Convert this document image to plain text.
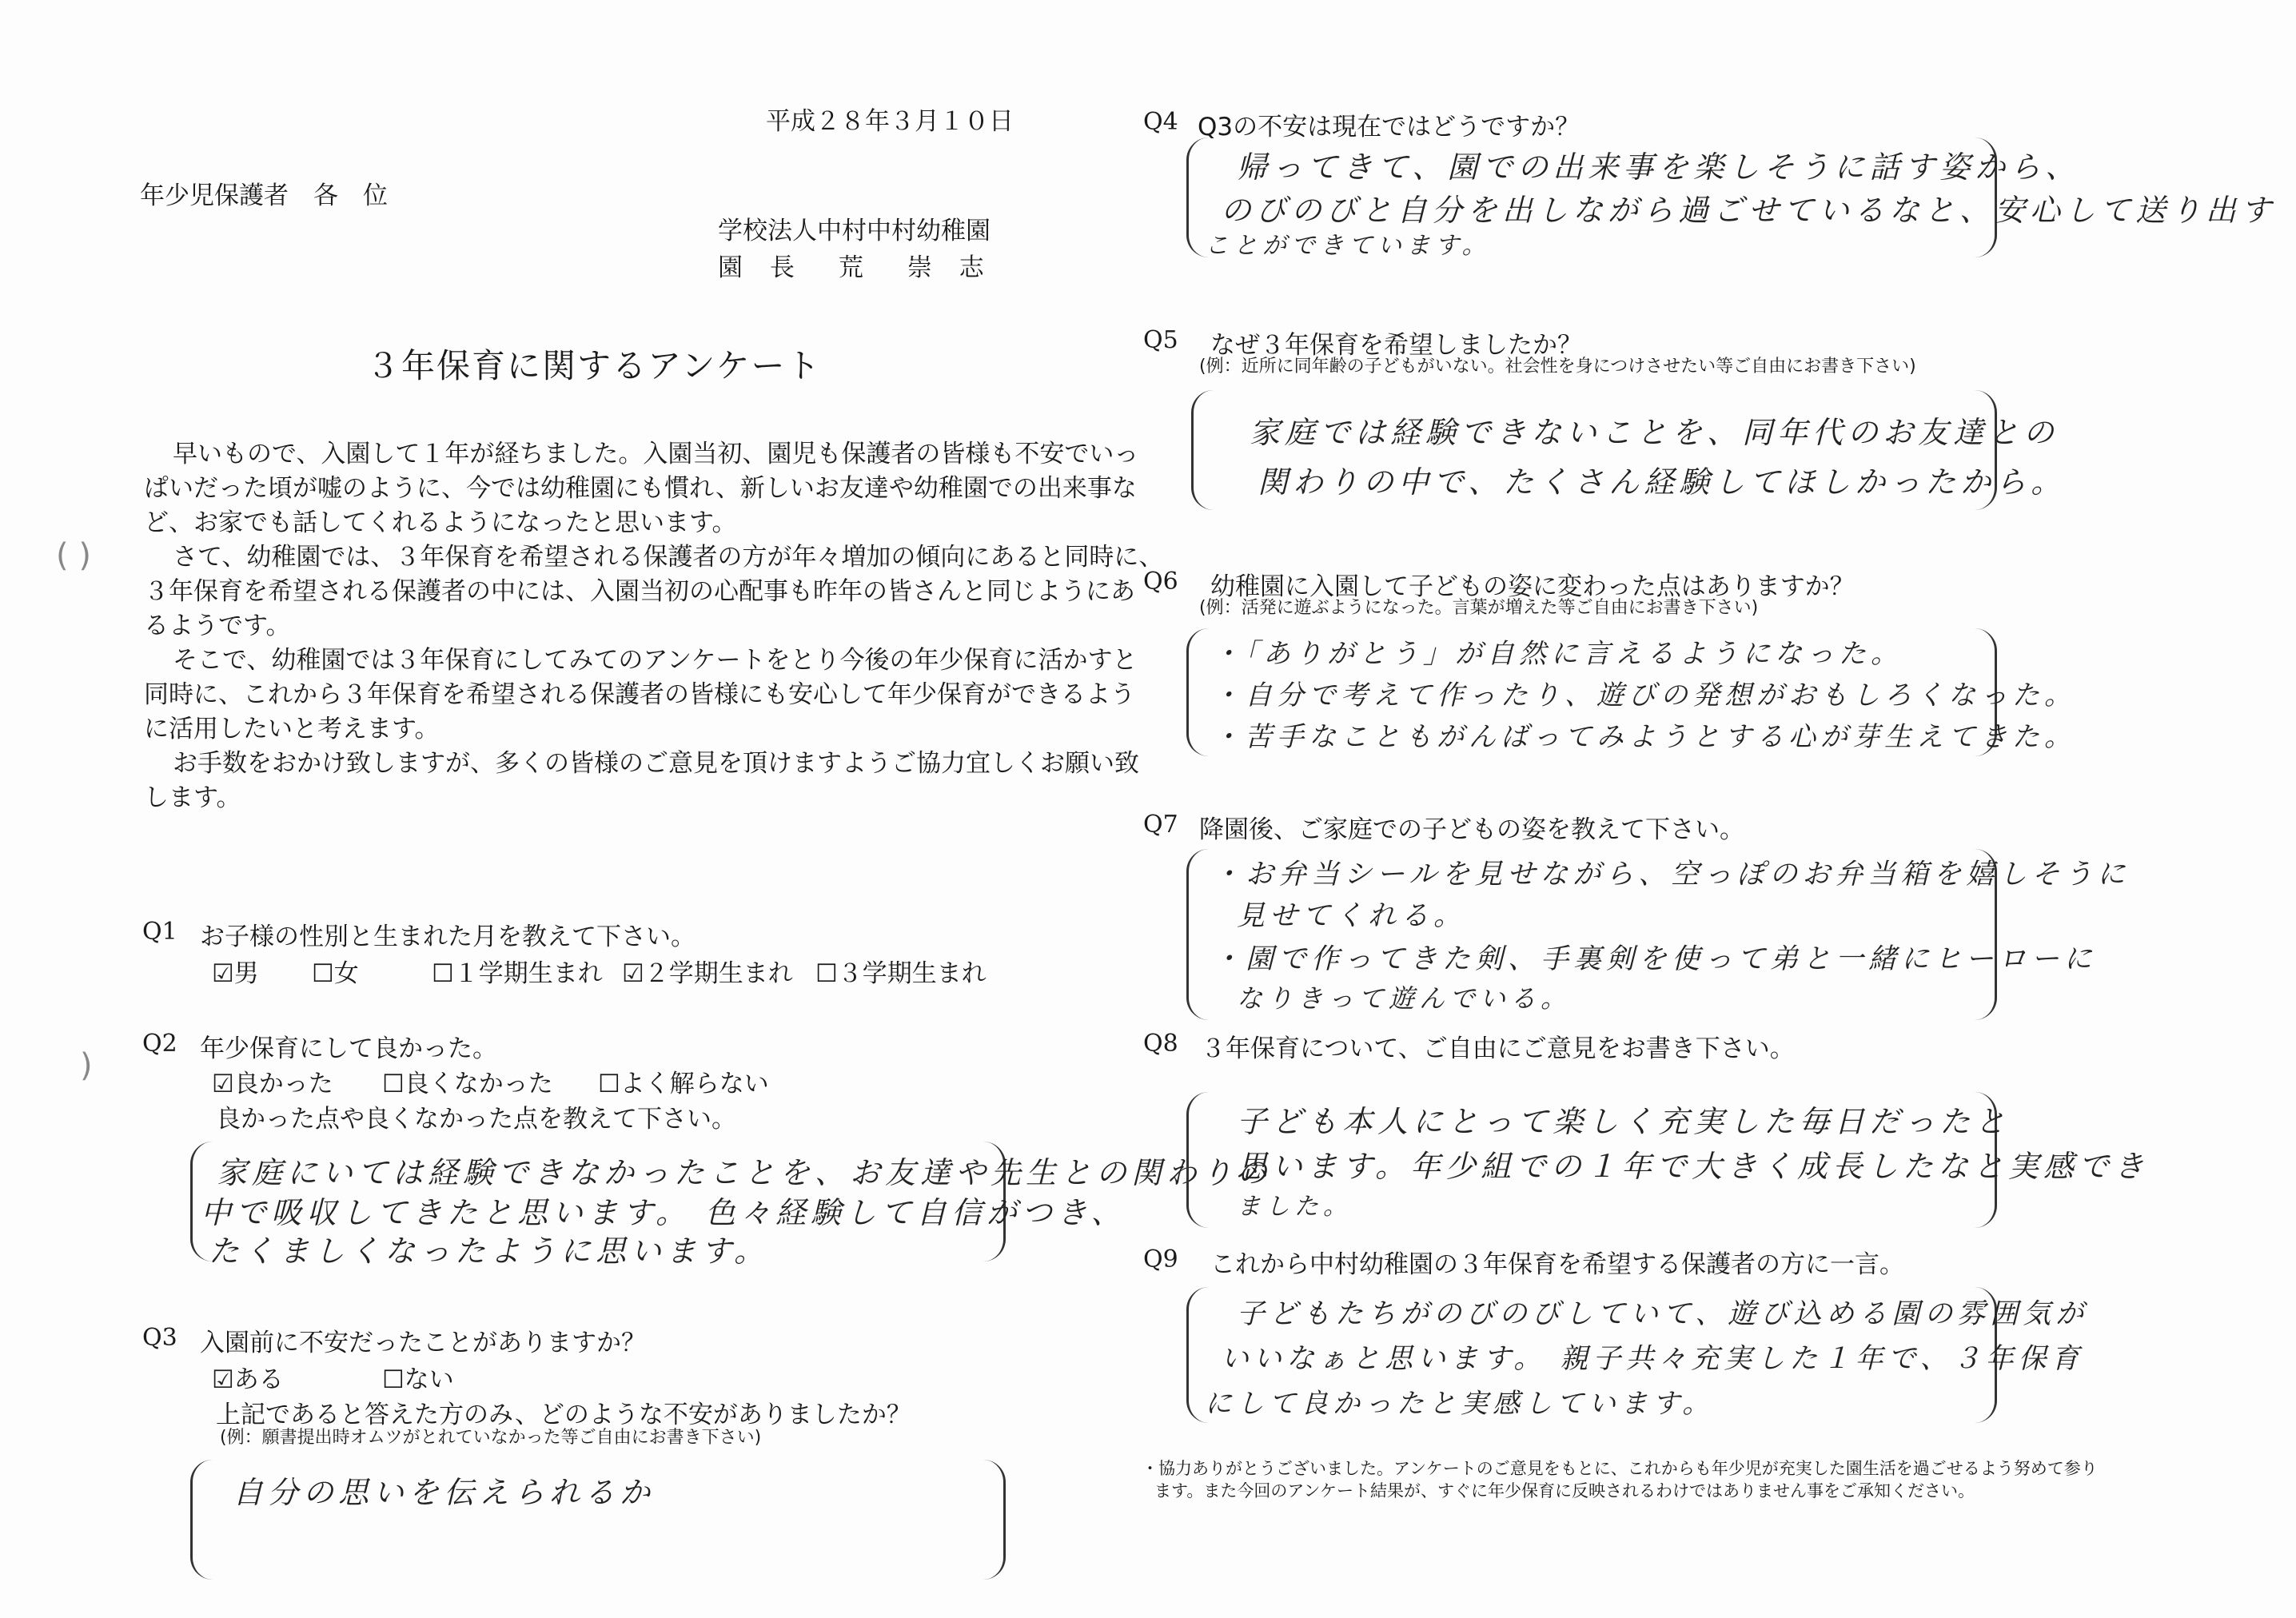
( )
)
平成２８年３月１０日
年少児保護者　各　位
学校法人中村中村幼稚園
園 長　荒　崇 志
３年保育に関するアンケート
早いもので、入園して１年が経ちました。入園当初、園児も保護者の皆様も不安でいっ
ぱいだった頃が嘘のように、今では幼稚園にも慣れ、新しいお友達や幼稚園での出来事な
ど、お家でも話してくれるようになったと思います。
さて、幼稚園では、３年保育を希望される保護者の方が年々増加の傾向にあると同時に、
３年保育を希望される保護者の中には、入園当初の心配事も昨年の皆さんと同じようにあ
るようです。
そこで、幼稚園では３年保育にしてみてのアンケートをとり今後の年少保育に活かすと
同時に、これから３年保育を希望される保護者の皆様にも安心して年少保育ができるよう
に活用したいと考えます。
お手数をおかけ致しますが、多くの皆様のご意見を頂けますようご協力宜しくお願い致
します。
Q1 お子様の性別と生まれた月を教えて下さい。
☑男 ☐女	☐１学期生まれ ☑２学期生まれ ☐３学期生まれ
Q2 年少保育にして良かった。
☑良かった ☐良くなかった ☐よく解らない
良かった点や良くなかった点を教えて下さい。
家庭にいては経験できなかったことを、お友達や先生との関わりの
中で吸収してきたと思います。 色々経験して自信がつき、
たくましくなったように思います。
Q3 入園前に不安だったことがありますか？
☑ある	☐ない
上記であると答えた方のみ、どのような不安がありましたか？
(例：願書提出時オムツがとれていなかった等ご自由にお書き下さい)
自分の思いを伝えられるか
Q4 Q3の不安は現在ではどうですか？
帰ってきて、園での出来事を楽しそうに話す姿から、
のびのびと自分を出しながら過ごせているなと、安心して送り出す
ことができています。
Q5 なぜ３年保育を希望しましたか？
(例：近所に同年齢の子どもがいない。社会性を身につけさせたい等ご自由にお書き下さい)
家庭では経験できないことを、同年代のお友達との
関わりの中で、たくさん経験してほしかったから。
Q6 幼稚園に入園して子どもの姿に変わった点はありますか？
(例：活発に遊ぶようになった。言葉が増えた等ご自由にお書き下さい)
・「ありがとう」が自然に言えるようになった。
・自分で考えて作ったり、遊びの発想がおもしろくなった。
・苦手なこともがんばってみようとする心が芽生えてきた。
Q7 降園後、ご家庭での子どもの姿を教えて下さい。
・お弁当シールを見せながら、空っぽのお弁当箱を嬉しそうに
見せてくれる。
・園で作ってきた剣、手裏剣を使って弟と一緒にヒーローに
なりきって遊んでいる。
Q8 ３年保育について、ご自由にご意見をお書き下さい。
子ども本人にとって楽しく充実した毎日だったと
思います。年少組での１年で大きく成長したなと実感でき
ました。
Q9 これから中村幼稚園の３年保育を希望する保護者の方に一言。
子どもたちがのびのびしていて、遊び込める園の雰囲気が
いいなぁと思います。 親子共々充実した１年で、３年保育
にして良かったと実感しています。
・協力ありがとうございました。アンケートのご意見をもとに、これからも年少児が充実した園生活を過ごせるよう努めて参り
ます。また今回のアンケート結果が、すぐに年少保育に反映されるわけではありません事をご承知ください。
